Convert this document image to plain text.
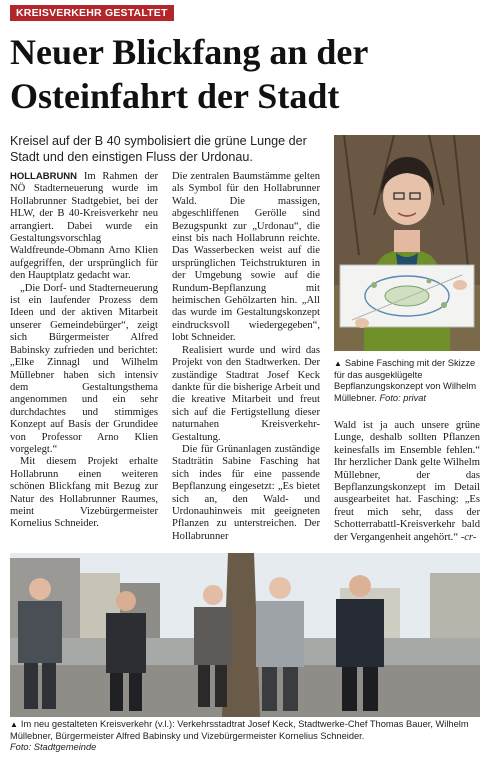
KREISVERKEHR GESTALTET
Neuer Blickfang an der
Osteinfahrt der Stadt
Kreisel auf der B 40 symbolisiert die grüne Lunge der Stadt und den einstigen Fluss der Urdonau.

HOLLABRUNN Im Rahmen der NÖ Stadterneuerung wurde im Hollabrunner Stadtgebiet, bei der HLW, der B 40-Kreisverkehr neu arrangiert. Dabei wurde ein Gestaltungsvorschlag Waldfreunde-Obmann Arno Klien aufgegriffen, der ursprünglich für den Hauptplatz gedacht war.

„Die Dorf- und Stadterneuerung ist ein laufender Prozess dem Ideen und der aktiven Mitarbeit unserer Gemeindebürger“, zeigt sich Bürgermeister Alfred Babinsky zufrieden und berichtet: „Elke Zinnagl und Wilhelm Müllebner haben sich intensiv dem Gestaltungsthema angenommen und ein sehr durchdachtes und stimmiges Konzept auf Basis der Grundidee von Professor Arno Klien vorgelegt.“

Mit diesem Projekt erhalte Hollabrunn einen weiteren schönen Blickfang mit Bezug zur Natur des Hollabrunner Raumes, meint Vizebürgermeister Kornelius Schneider.

Die zentralen Baumstämme gelten als Symbol für den Hollabrunner Wald. Die massigen, abgeschliffenen Gerölle sind Bezugspunkt zur „Urdonau“, die einst bis nach Hollabrunn reichte. Das Wasserbecken weist auf die ursprünglichen Teichstrukturen in der Umgebung sowie auf die Rundum-Bepflanzung mit heimischen Gehölzarten hin. „All das wurde im Gestaltungskonzept eindrucksvoll wiedergegeben“, lobt Schneider.

Realisiert wurde und wird das Projekt von den Stadtwerken. Der zuständige Stadtrat Josef Keck dankte für die bisherige Arbeit und die kreative Mitarbeit und freut sich auf die Fertigstellung dieser naturnahen Kreisverkehr-Gestaltung.

Die für Grünanlagen zuständige Stadträtin Sabine Fasching hat sich indes für eine passende Bepflanzung eingesetzt: „Es bietet sich an, den Wald- und Urdonauhinweis mit geeigneten Pflanzen zu unterstreichen. Der Hollabrunner

▲ Sabine Fasching mit der Skizze für das ausgeklügelte Bepflanzungskonzept von Wilhelm Müllebner. Foto: privat

Wald ist ja auch unsere grüne Lunge, deshalb sollten Pflanzen keinesfalls im Ensemble fehlen.“ Ihr herzlicher Dank gelte Wilhelm Müllebner, der das Bepflanzungskonzept im Detail ausgearbeitet hat. Fasching: „Es freut mich sehr, dass der Schotterrabattl-Kreisverkehr bald der Vergangenheit angehört.“ -cr-

▲ Im neu gestalteten Kreisverkehr (v.l.): Verkehrsstadtrat Josef Keck, Stadtwerke-Chef Thomas Bauer, Wilhelm Müllebner, Bürgermeister Alfred Babinsky und Vizebürgermeister Kornelius Schneider.
Foto: Stadtgemeinde
